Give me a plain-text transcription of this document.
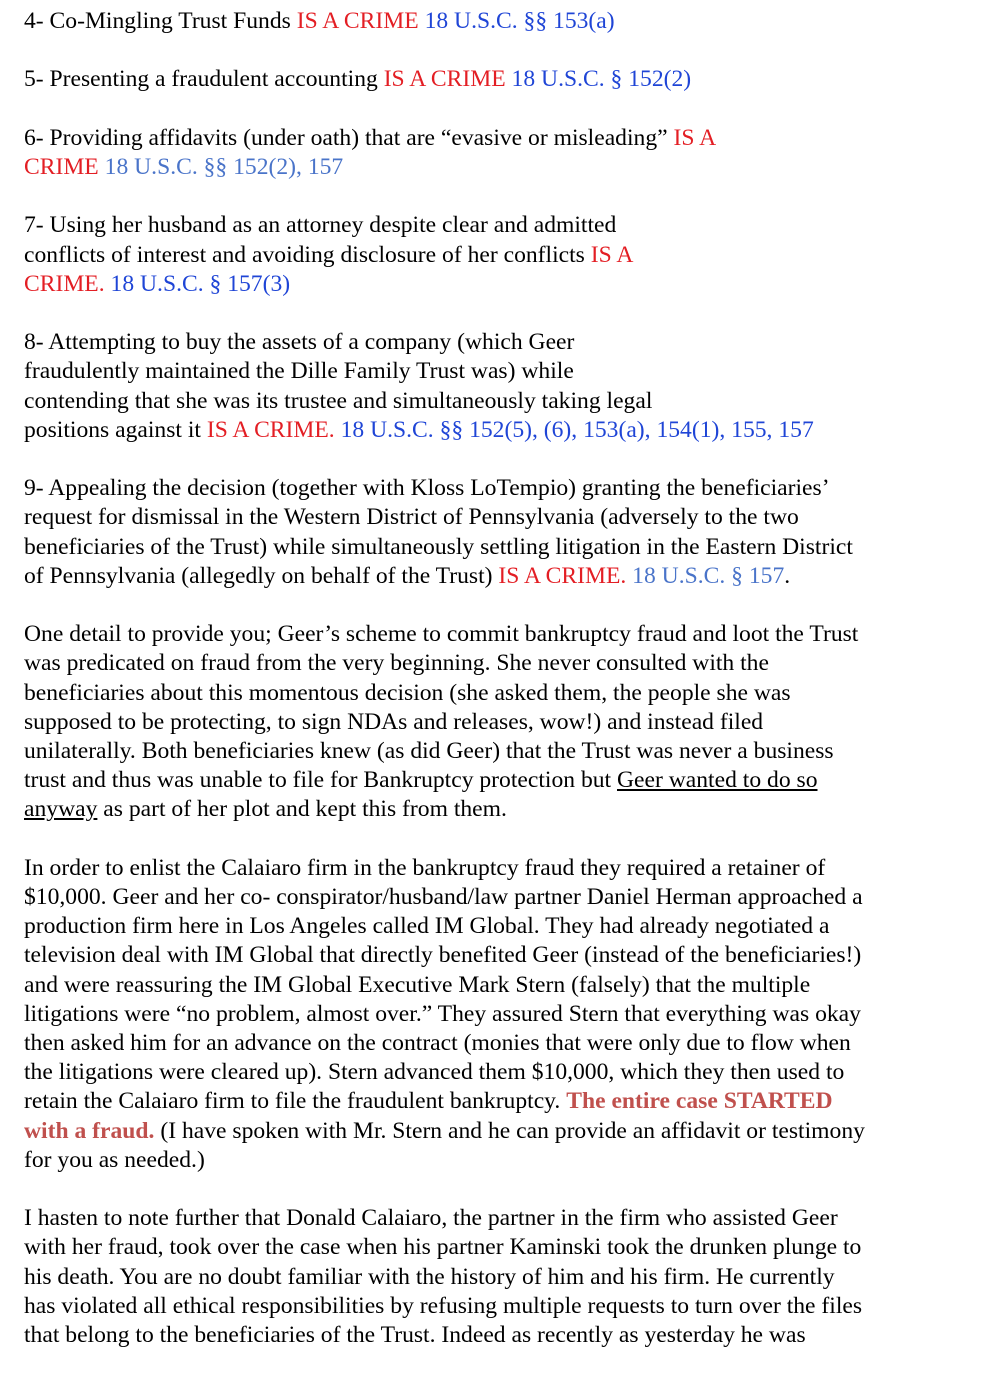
4- Co-Mingling Trust Funds IS A CRIME 18 U.S.C. §§ 153(a)
5- Presenting a fraudulent accounting IS A CRIME 18 U.S.C. § 152(2)
6- Providing affidavits (under oath) that are “evasive or misleading” IS A
CRIME 18 U.S.C. §§ 152(2), 157
7- Using her husband as an attorney despite clear and admitted
conflicts of interest and avoiding disclosure of her conflicts IS A
CRIME. 18 U.S.C. § 157(3)
8- Attempting to buy the assets of a company (which Geer
fraudulently maintained the Dille Family Trust was) while
contending that she was its trustee and simultaneously taking legal
positions against it IS A CRIME. 18 U.S.C. §§ 152(5), (6), 153(a), 154(1), 155, 157
9- Appealing the decision (together with Kloss LoTempio) granting the beneficiaries’
request for dismissal in the Western District of Pennsylvania (adversely to the two
beneficiaries of the Trust) while simultaneously settling litigation in the Eastern District
of Pennsylvania (allegedly on behalf of the Trust) IS A CRIME. 18 U.S.C. § 157.
One detail to provide you; Geer’s scheme to commit bankruptcy fraud and loot the Trust
was predicated on fraud from the very beginning. She never consulted with the
beneficiaries about this momentous decision (she asked them, the people she was
supposed to be protecting, to sign NDAs and releases, wow!) and instead filed
unilaterally. Both beneficiaries knew (as did Geer) that the Trust was never a business
trust and thus was unable to file for Bankruptcy protection but Geer wanted to do so
anyway as part of her plot and kept this from them.
In order to enlist the Calaiaro firm in the bankruptcy fraud they required a retainer of
$10,000. Geer and her co- conspirator/husband/law partner Daniel Herman approached a
production firm here in Los Angeles called IM Global. They had already negotiated a
television deal with IM Global that directly benefited Geer (instead of the beneficiaries!)
and were reassuring the IM Global Executive Mark Stern (falsely) that the multiple
litigations were “no problem, almost over.” They assured Stern that everything was okay
then asked him for an advance on the contract (monies that were only due to flow when
the litigations were cleared up). Stern advanced them $10,000, which they then used to
retain the Calaiaro firm to file the fraudulent bankruptcy. The entire case STARTED
with a fraud. (I have spoken with Mr. Stern and he can provide an affidavit or testimony
for you as needed.)
I hasten to note further that Donald Calaiaro, the partner in the firm who assisted Geer
with her fraud, took over the case when his partner Kaminski took the drunken plunge to
his death. You are no doubt familiar with the history of him and his firm. He currently
has violated all ethical responsibilities by refusing multiple requests to turn over the files
that belong to the beneficiaries of the Trust. Indeed as recently as yesterday he was
